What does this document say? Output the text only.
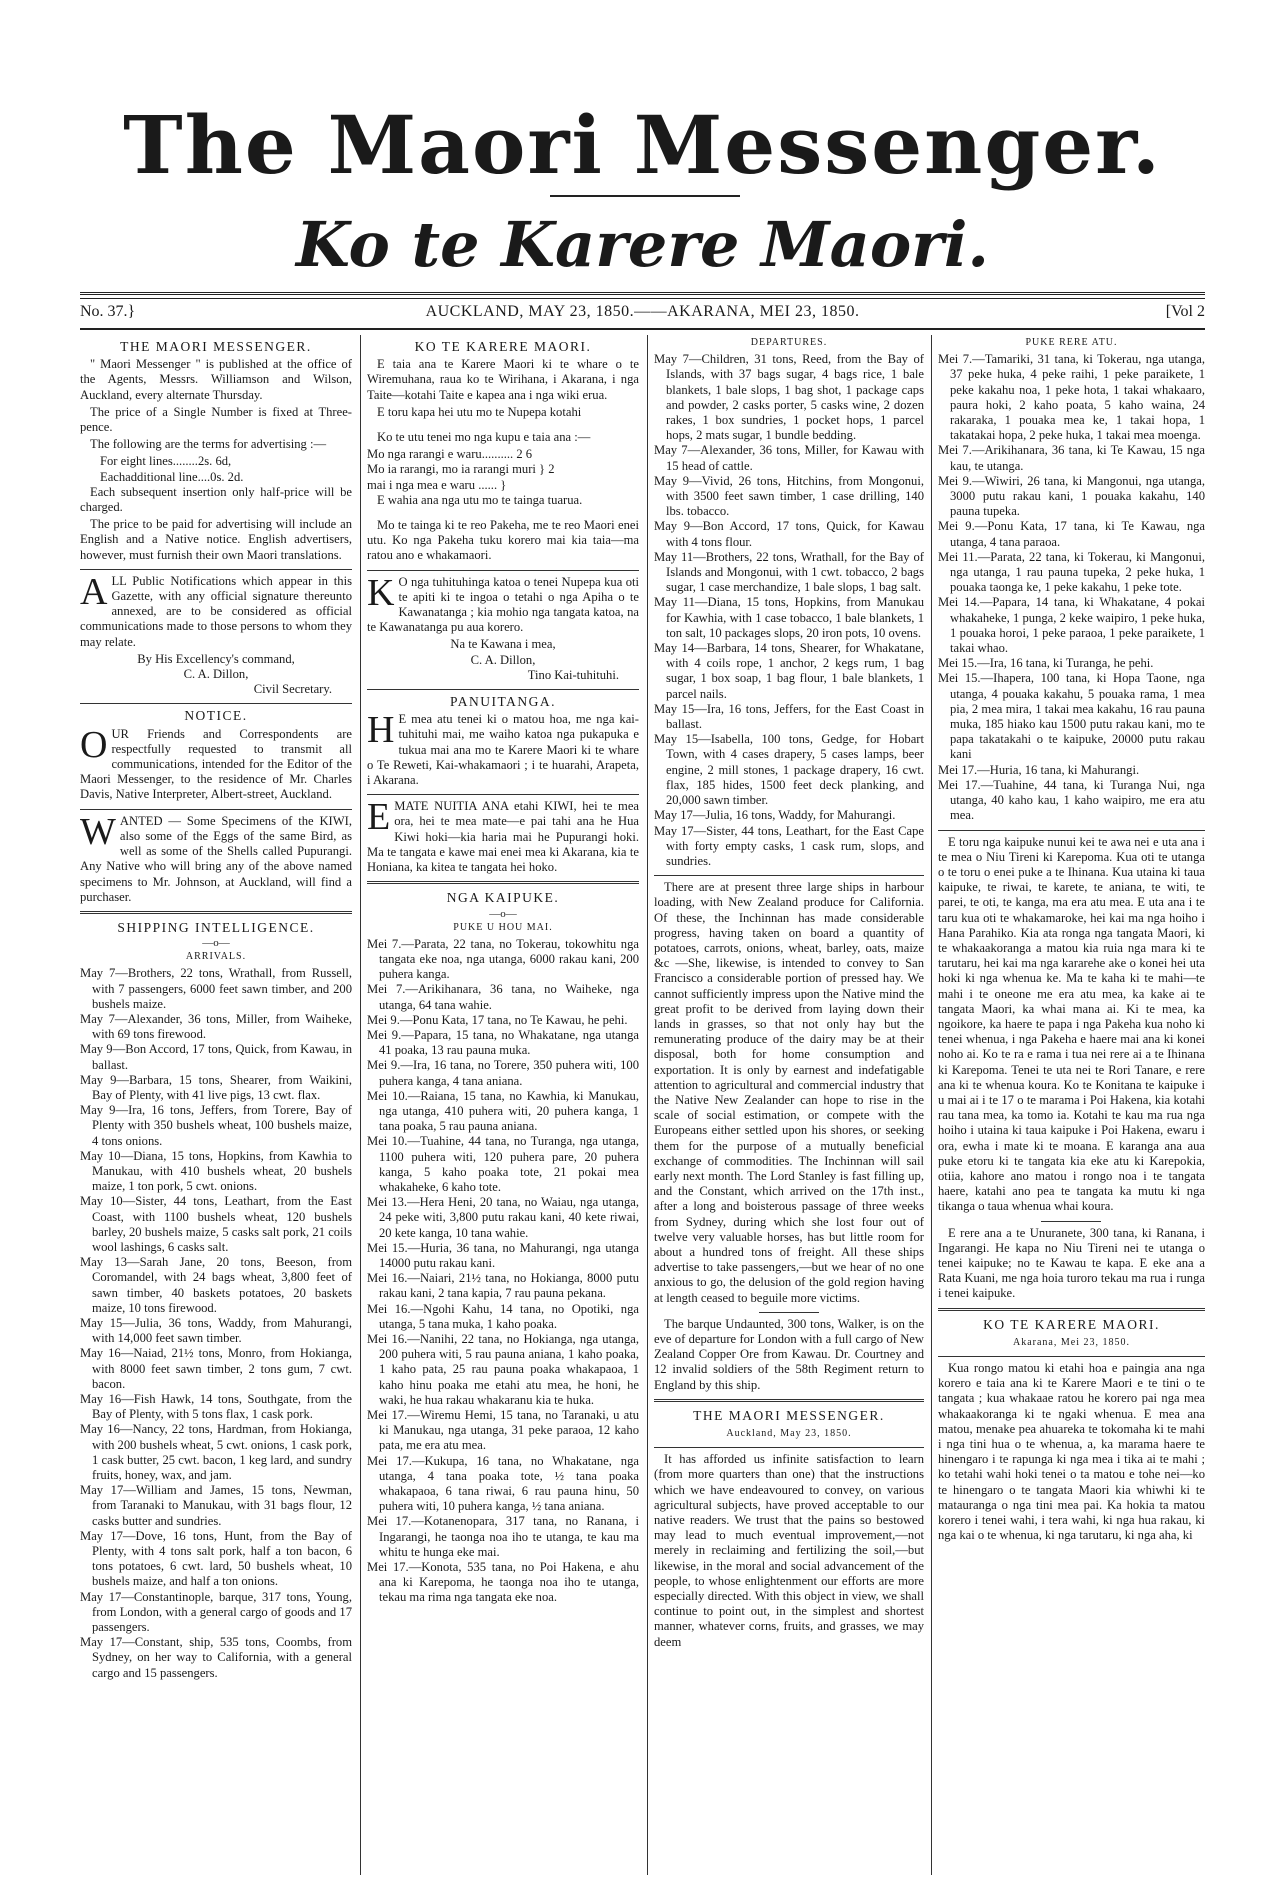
The Maori Messenger.
Ko te Karere Maori.
No. 37.}	AUCKLAND, MAY 23, 1850.——AKARANA, MEI 23, 1850.	[Vol 2
THE MAORI MESSENGER.

" Maori Messenger " is published at the office of the Agents, Messrs. Williamson and Wilson, Auckland, every alternate Thursday.

The price of a Single Number is fixed at Three-pence.

The following are the terms for advertising :—

For eight lines........2s. 6d,

Eachadditional line....0s. 2d.

Each subsequent insertion only half-price will be charged.

The price to be paid for advertising will include an English and a Native notice. English advertisers, however, must furnish their own Maori translations.

ALL Public Notifications which appear in this Gazette, with any official signature thereunto annexed, are to be considered as official communications made to those persons to whom they may relate.

By His Excellency's command,

C. A. Dillon,

Civil Secretary.

NOTICE.

OUR Friends and Correspondents are respectfully requested to transmit all communications, intended for the Editor of the Maori Messenger, to the residence of Mr. Charles Davis, Native Interpreter, Albert-street, Auckland.

WANTED — Some Specimens of the KIWI, also some of the Eggs of the same Bird, as well as some of the Shells called Pupurangi. Any Native who will bring any of the above named specimens to Mr. Johnson, at Auckland, will find a purchaser.

SHIPPING INTELLIGENCE.

—o—

ARRIVALS.

May 7—Brothers, 22 tons, Wrathall, from Russell, with 7 passengers, 6000 feet sawn timber, and 200 bushels maize.

May 7—Alexander, 36 tons, Miller, from Waiheke, with 69 tons firewood.

May 9—Bon Accord, 17 tons, Quick, from Kawau, in ballast.

May 9—Barbara, 15 tons, Shearer, from Waikini, Bay of Plenty, with 41 live pigs, 13 cwt. flax.

May 9—Ira, 16 tons, Jeffers, from Torere, Bay of Plenty with 350 bushels wheat, 100 bushels maize, 4 tons onions.

May 10—Diana, 15 tons, Hopkins, from Kawhia to Manukau, with 410 bushels wheat, 20 bushels maize, 1 ton pork, 5 cwt. onions.

May 10—Sister, 44 tons, Leathart, from the East Coast, with 1100 bushels wheat, 120 bushels barley, 20 bushels maize, 5 casks salt pork, 21 coils wool lashings, 6 casks salt.

May 13—Sarah Jane, 20 tons, Beeson, from Coromandel, with 24 bags wheat, 3,800 feet of sawn timber, 40 baskets potatoes, 20 baskets maize, 10 tons firewood.

May 15—Julia, 36 tons, Waddy, from Mahurangi, with 14,000 feet sawn timber.

May 16—Naiad, 21½ tons, Monro, from Hokianga, with 8000 feet sawn timber, 2 tons gum, 7 cwt. bacon.

May 16—Fish Hawk, 14 tons, Southgate, from the Bay of Plenty, with 5 tons flax, 1 cask pork.

May 16—Nancy, 22 tons, Hardman, from Hokianga, with 200 bushels wheat, 5 cwt. onions, 1 cask pork, 1 cask butter, 25 cwt. bacon, 1 keg lard, and sundry fruits, honey, wax, and jam.

May 17—William and James, 15 tons, Newman, from Taranaki to Manukau, with 31 bags flour, 12 casks butter and sundries.

May 17—Dove, 16 tons, Hunt, from the Bay of Plenty, with 4 tons salt pork, half a ton bacon, 6 tons potatoes, 6 cwt. lard, 50 bushels wheat, 10 bushels maize, and half a ton onions.

May 17—Constantinople, barque, 317 tons, Young, from London, with a general cargo of goods and 17 passengers.

May 17—Constant, ship, 535 tons, Coombs, from Sydney, on her way to California, with a general cargo and 15 passengers.

KO TE KARERE MAORI.

E taia ana te Karere Maori ki te whare o te Wiremuhana, raua ko te Wirihana, i Akarana, i nga Taite—kotahi Taite e kapea ana i nga wiki erua.

E toru kapa hei utu mo te Nupepa kotahi

Ko te utu tenei mo nga kupu e taia ana :—

Mo nga rarangi e waru.......... 2 6

Mo ia rarangi, mo ia rarangi muri } 2

mai i nga mea e waru ...... }

E wahia ana nga utu mo te tainga tuarua.

Mo te tainga ki te reo Pakeha, me te reo Maori enei utu. Ko nga Pakeha tuku korero mai kia taia—ma ratou ano e whakamaori.

K O nga tuhituhinga katoa o tenei Nupepa kua oti te apiti ki te ingoa o tetahi o nga Apiha o te Kawanatanga ; kia mohio nga tangata katoa, na te Kawanatanga pu aua korero.

Na te Kawana i mea,

C. A. Dillon,

Tino Kai-tuhituhi.

PANUITANGA.

H E mea atu tenei ki o matou hoa, me nga kai-tuhituhi mai, me waiho katoa nga pukapuka e tukua mai ana mo te Karere Maori ki te whare o Te Reweti, Kai-whakamaori ; i te huarahi, Arapeta, i Akarana.

EMATE NUITIA ANA etahi KIWI, hei te mea ora, hei te mea mate—e pai tahi ana he Hua Kiwi hoki—kia haria mai he Pupurangi hoki. Ma te tangata e kawe mai enei mea ki Akarana, kia te Honiana, ka kitea te tangata hei hoko.

NGA KAIPUKE.

—o—

PUKE U HOU MAI.

Mei 7.—Parata, 22 tana, no Tokerau, tokowhitu nga tangata eke noa, nga utanga, 6000 rakau kani, 200 puhera kanga.

Mei 7.—Arikihanara, 36 tana, no Waiheke, nga utanga, 64 tana wahie.

Mei 9.—Ponu Kata, 17 tana, no Te Kawau, he pehi.

Mei 9.—Papara, 15 tana, no Whakatane, nga utanga 41 poaka, 13 rau pauna muka.

Mei 9.—Ira, 16 tana, no Torere, 350 puhera witi, 100 puhera kanga, 4 tana aniana.

Mei 10.—Raiana, 15 tana, no Kawhia, ki Manukau, nga utanga, 410 puhera witi, 20 puhera kanga, 1 tana poaka, 5 rau pauna aniana.

Mei 10.—Tuahine, 44 tana, no Turanga, nga utanga, 1100 puhera witi, 120 puhera pare, 20 puhera kanga, 5 kaho poaka tote, 21 pokai mea whakaheke, 6 kaho tote.

Mei 13.—Hera Heni, 20 tana, no Waiau, nga utanga, 24 peke witi, 3,800 putu rakau kani, 40 kete riwai, 20 kete kanga, 10 tana wahie.

Mei 15.—Huria, 36 tana, no Mahurangi, nga utanga 14000 putu rakau kani.

Mei 16.—Naiari, 21½ tana, no Hokianga, 8000 putu rakau kani, 2 tana kapia, 7 rau pauna pekana.

Mei 16.—Ngohi Kahu, 14 tana, no Opotiki, nga utanga, 5 tana muka, 1 kaho poaka.

Mei 16.—Nanihi, 22 tana, no Hokianga, nga utanga, 200 puhera witi, 5 rau pauna aniana, 1 kaho poaka, 1 kaho pata, 25 rau pauna poaka whakapaoa, 1 kaho hinu poaka me etahi atu mea, he honi, he waki, he hua rakau whakaranu kia te huka.

Mei 17.—Wiremu Hemi, 15 tana, no Taranaki, u atu ki Manukau, nga utanga, 31 peke paraoa, 12 kaho pata, me era atu mea.

Mei 17.—Kukupa, 16 tana, no Whakatane, nga utanga, 4 tana poaka tote, ½ tana poaka whakapaoa, 6 tana riwai, 6 rau pauna hinu, 50 puhera witi, 10 puhera kanga, ½ tana aniana.

Mei 17.—Kotanenopara, 317 tana, no Ranana, i Ingarangi, he taonga noa iho te utanga, te kau ma whitu te hunga eke mai.

Mei 17.—Konota, 535 tana, no Poi Hakena, e ahu ana ki Karepoma, he taonga noa iho te utanga, tekau ma rima nga tangata eke noa.

DEPARTURES.

May 7—Children, 31 tons, Reed, from the Bay of Islands, with 37 bags sugar, 4 bags rice, 1 bale blankets, 1 bale slops, 1 bag shot, 1 package caps and powder, 2 casks porter, 5 casks wine, 2 dozen rakes, 1 box sundries, 1 pocket hops, 1 parcel hops, 2 mats sugar, 1 bundle bedding.

May 7—Alexander, 36 tons, Miller, for Kawau with 15 head of cattle.

May 9—Vivid, 26 tons, Hitchins, from Mongonui, with 3500 feet sawn timber, 1 case drilling, 140 lbs. tobacco.

May 9—Bon Accord, 17 tons, Quick, for Kawau with 4 tons flour.

May 11—Brothers, 22 tons, Wrathall, for the Bay of Islands and Mongonui, with 1 cwt. tobacco, 2 bags sugar, 1 case merchandize, 1 bale slops, 1 bag salt.

May 11—Diana, 15 tons, Hopkins, from Manukau for Kawhia, with 1 case tobacco, 1 bale blankets, 1 ton salt, 10 packages slops, 20 iron pots, 10 ovens.

May 14—Barbara, 14 tons, Shearer, for Whakatane, with 4 coils rope, 1 anchor, 2 kegs rum, 1 bag sugar, 1 box soap, 1 bag flour, 1 bale blankets, 1 parcel nails.

May 15—Ira, 16 tons, Jeffers, for the East Coast in ballast.

May 15—Isabella, 100 tons, Gedge, for Hobart Town, with 4 cases drapery, 5 cases lamps, beer engine, 2 mill stones, 1 package drapery, 16 cwt. flax, 185 hides, 1500 feet deck planking, and 20,000 sawn timber.

May 17—Julia, 16 tons, Waddy, for Mahurangi.

May 17—Sister, 44 tons, Leathart, for the East Cape with forty empty casks, 1 cask rum, slops, and sundries.

There are at present three large ships in harbour loading, with New Zealand produce for California. Of these, the Inchinnan has made considerable progress, having taken on board a quantity of potatoes, carrots, onions, wheat, barley, oats, maize &c —She, likewise, is intended to convey to San Francisco a considerable portion of pressed hay. We cannot sufficiently impress upon the Native mind the great profit to be derived from laying down their lands in grasses, so that not only hay but the remunerating produce of the dairy may be at their disposal, both for home consumption and exportation. It is only by earnest and indefatigable attention to agricultural and commercial industry that the Native New Zealander can hope to rise in the scale of social estimation, or compete with the Europeans either settled upon his shores, or seeking them for the purpose of a mutually beneficial exchange of commodities. The Inchinnan will sail early next month. The Lord Stanley is fast filling up, and the Constant, which arrived on the 17th inst., after a long and boisterous passage of three weeks from Sydney, during which she lost four out of twelve very valuable horses, has but little room for about a hundred tons of freight. All these ships advertise to take passengers,—but we hear of no one anxious to go, the delusion of the gold region having at length ceased to beguile more victims.

The barque Undaunted, 300 tons, Walker, is on the eve of departure for London with a full cargo of New Zealand Copper Ore from Kawau. Dr. Courtney and 12 invalid soldiers of the 58th Regiment return to England by this ship.

THE MAORI MESSENGER.

Auckland, May 23, 1850.

It has afforded us infinite satisfaction to learn (from more quarters than one) that the instructions which we have endeavoured to convey, on various agricultural subjects, have proved acceptable to our native readers. We trust that the pains so bestowed may lead to much eventual improvement,—not merely in reclaiming and fertilizing the soil,—but likewise, in the moral and social advancement of the people, to whose enlightenment our efforts are more especially directed. With this object in view, we shall continue to point out, in the simplest and shortest manner, whatever corns, fruits, and grasses, we may deem

PUKE RERE ATU.

Mei 7.—Tamariki, 31 tana, ki Tokerau, nga utanga, 37 peke huka, 4 peke raihi, 1 peke paraikete, 1 peke kakahu noa, 1 peke hota, 1 takai whakaaro, paura hoki, 2 kaho poata, 5 kaho waina, 24 rakaraka, 1 pouaka mea ke, 1 takai hopa, 1 takatakai hopa, 2 peke huka, 1 takai mea moenga.

Mei 7.—Arikihanara, 36 tana, ki Te Kawau, 15 nga kau, te utanga.

Mei 9.—Wiwiri, 26 tana, ki Mangonui, nga utanga, 3000 putu rakau kani, 1 pouaka kakahu, 140 pauna tupeka.

Mei 9.—Ponu Kata, 17 tana, ki Te Kawau, nga utanga, 4 tana paraoa.

Mei 11.—Parata, 22 tana, ki Tokerau, ki Mangonui, nga utanga, 1 rau pauna tupeka, 2 peke huka, 1 pouaka taonga ke, 1 peke kakahu, 1 peke tote.

Mei 14.—Papara, 14 tana, ki Whakatane, 4 pokai whakaheke, 1 punga, 2 keke waipiro, 1 peke huka, 1 pouaka horoi, 1 peke paraoa, 1 peke paraikete, 1 takai whao.

Mei 15.—Ira, 16 tana, ki Turanga, he pehi.

Mei 15.—Ihapera, 100 tana, ki Hopa Taone, nga utanga, 4 pouaka kakahu, 5 pouaka rama, 1 mea pia, 2 mea mira, 1 takai mea kakahu, 16 rau pauna muka, 185 hiako kau 1500 putu rakau kani, mo te papa takatakahi o te kaipuke, 20000 putu rakau kani

Mei 17.—Huria, 16 tana, ki Mahurangi.

Mei 17.—Tuahine, 44 tana, ki Turanga Nui, nga utanga, 40 kaho kau, 1 kaho waipiro, me era atu mea.

E toru nga kaipuke nunui kei te awa nei e uta ana i te mea o Niu Tireni ki Karepoma. Kua oti te utanga o te toru o enei puke a te Ihinana. Kua utaina ki taua kaipuke, te riwai, te karete, te aniana, te witi, te parei, te oti, te kanga, ma era atu mea. E uta ana i te taru kua oti te whakamaroke, hei kai ma nga hoiho i Hana Parahiko. Kia ata ronga nga tangata Maori, ki te whakaakoranga a matou kia ruia nga mara ki te tarutaru, hei kai ma nga kararehe ake o konei hei uta hoki ki nga whenua ke. Ma te kaha ki te mahi—te mahi i te oneone me era atu mea, ka kake ai te tangata Maori, ka whai mana ai. Ki te mea, ka ngoikore, ka haere te papa i nga Pakeha kua noho ki tenei whenua, i nga Pakeha e haere mai ana ki konei noho ai. Ko te ra e rama i tua nei rere ai a te Ihinana ki Karepoma. Tenei te uta nei te Rori Tanare, e rere ana ki te whenua koura. Ko te Konitana te kaipuke i u mai ai i te 17 o te marama i Poi Hakena, kia kotahi rau tana mea, ka tomo ia. Kotahi te kau ma rua nga hoiho i utaina ki taua kaipuke i Poi Hakena, ewaru i ora, ewha i mate ki te moana. E karanga ana aua puke etoru ki te tangata kia eke atu ki Karepokia, otiia, kahore ano matou i rongo noa i te tangata haere, katahi ano pea te tangata ka mutu ki nga tikanga o taua whenua whai koura.

E rere ana a te Unuranete, 300 tana, ki Ranana, i Ingarangi. He kapa no Niu Tireni nei te utanga o tenei kaipuke; no te Kawau te kapa. E eke ana a Rata Kuani, me nga hoia turoro tekau ma rua i runga i tenei kaipuke.

KO TE KARERE MAORI.

Akarana, Mei 23, 1850.

Kua rongo matou ki etahi hoa e paingia ana nga korero e taia ana ki te Karere Maori e te tini o te tangata ; kua whakaae ratou he korero pai nga mea whakaakoranga ki te ngaki whenua. E mea ana matou, menake pea ahuareka te tokomaha ki te mahi i nga tini hua o te whenua, a, ka marama haere te hinengaro i te rapunga ki nga mea i tika ai te mahi ; ko tetahi wahi hoki tenei o ta matou e tohe nei—ko te hinengaro o te tangata Maori kia whiwhi ki te matauranga o nga tini mea pai. Ka hokia ta matou korero i tenei wahi, i tera wahi, ki nga hua rakau, ki nga kai o te whenua, ki nga tarutaru, ki nga aha, ki
